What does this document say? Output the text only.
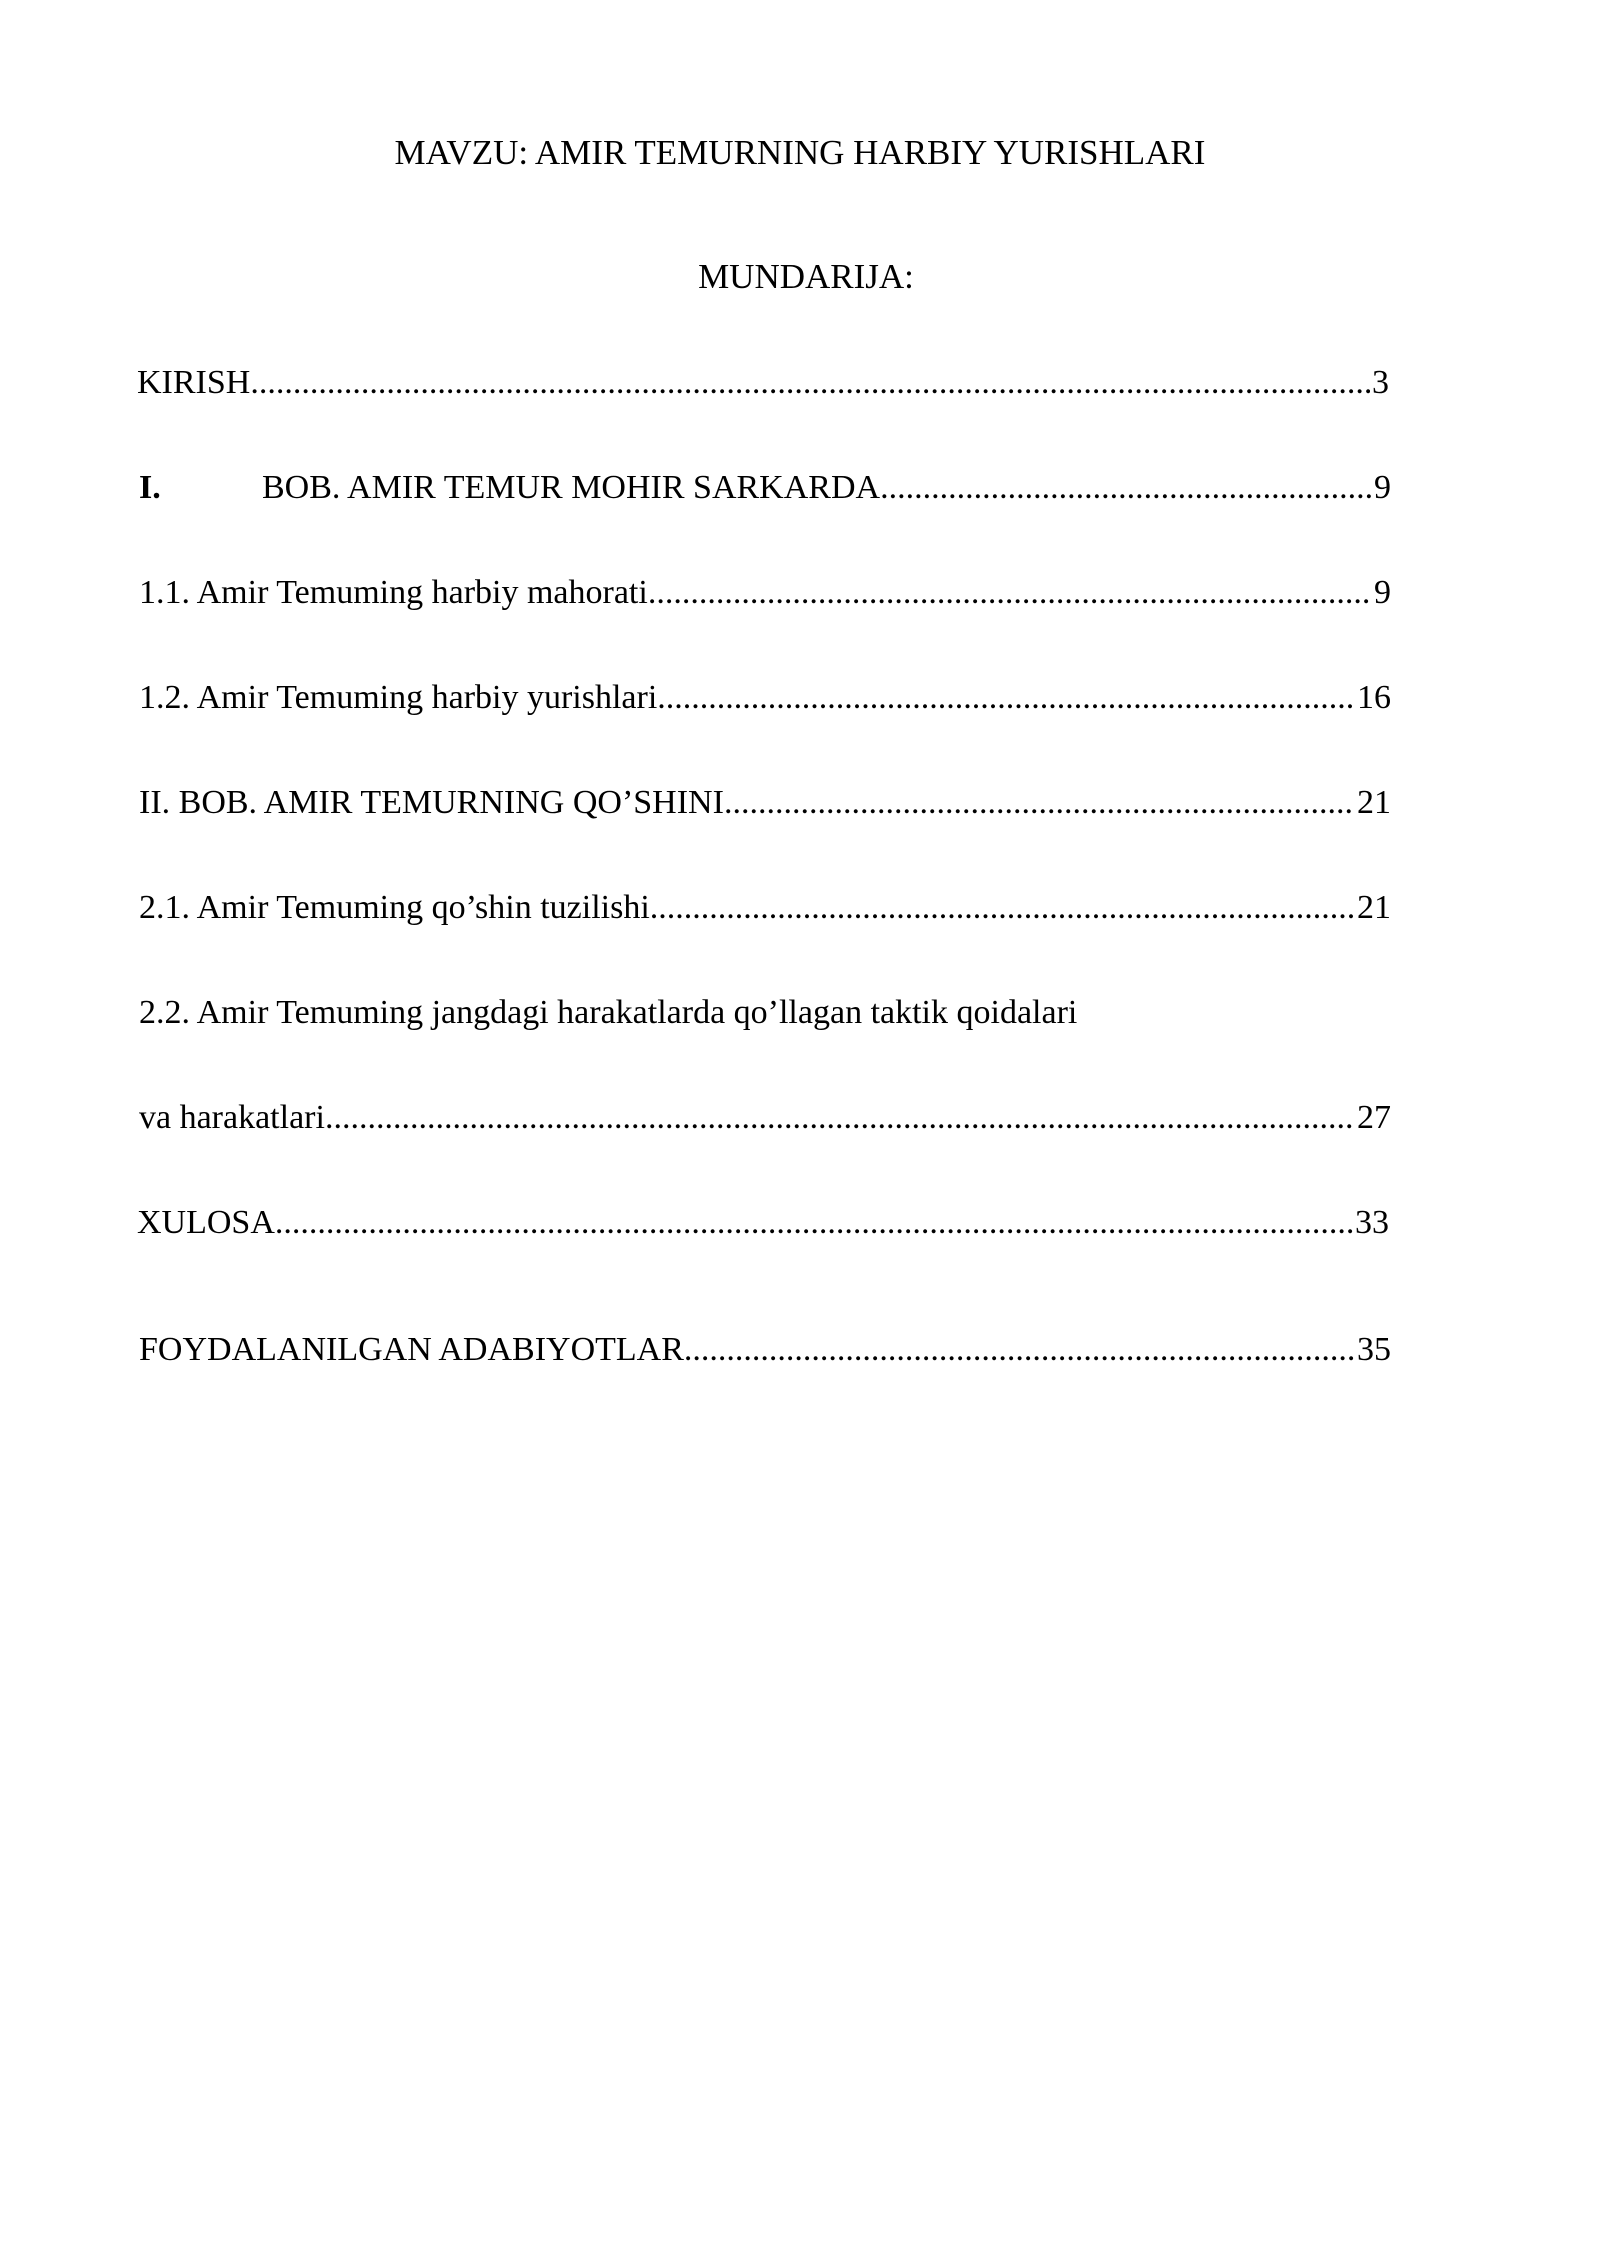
MAVZU: AMIR TEMURNING HARBIY YURISHLARI
MUNDARIJA:
KIRISH .....	3
I.	BOB. AMIR TEMUR MOHIR SARKARDA .....	9
1.1. Amir Temuming harbiy mahorati .....	9
1.2. Amir Temuming harbiy yurishlari .....	16
II. BOB. AMIR TEMURNING QO’SHINI .....	21
2.1. Amir Temuming qo’shin tuzilishi .....	21
2.2. Amir Temuming jangdagi harakatlarda qo’llagan taktik qoidalari
va harakatlari .....	27
XULOSA .....	33
FOYDALANILGAN ADABIYOTLAR .....	35
